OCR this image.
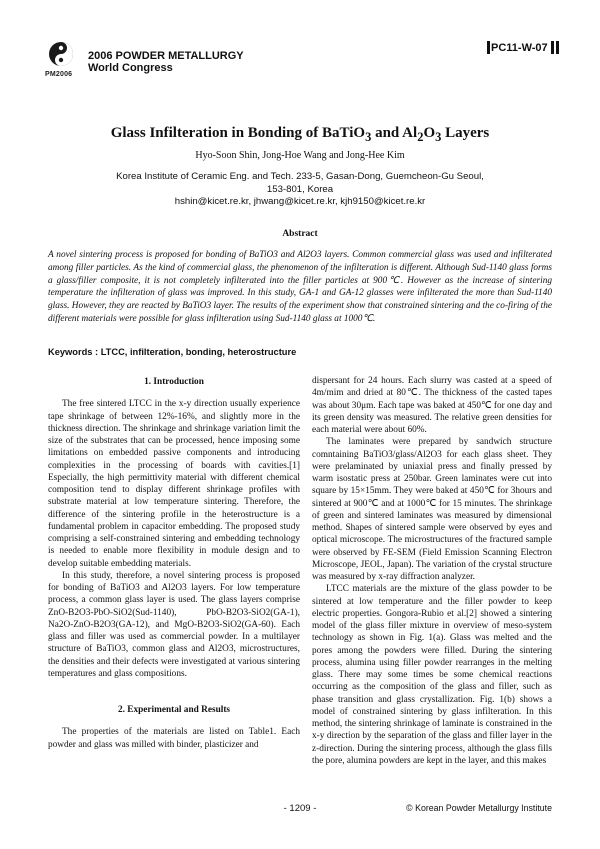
PM2006
2006 POWDER METALLURGY
World Congress
PC11-W-07
Glass Infilteration in Bonding of BaTiO$_3$ and $Al_2O_3$ Layers
Hyo-Soon Shin, Jong-Hoe Wang and Jong-Hee Kim
Korea Institute of Ceramic Eng. and Tech. 233-5, Gasan-Dong, Guemcheon-Gu Seoul,
153-801, Korea
hshin@kicet.re.kr, jhwang@kicet.re.kr, kjh9150@kicet.re.kr
Abstract
A novel sintering process is proposed for bonding of BaTiO3 and Al2O3 layers. Common commercial glass was used and infilterated among filler particles. As the kind of commercial glass, the phenomenon of the infilteration is different. Although Sud-1140 glass forms a glass/filler composite, it is not completely infilterated into the filler particles at 900℃. However as the increase of sintering temperature the infilteration of glass was improved. In this study, GA-1 and GA-12 glasses were infilterated the more than Sud-1140 glass. However, they are reacted by BaTiO3 layer. The results of the experiment show that constrained sintering and the co-firing of the different materials were possible for glass infilteration using Sud-1140 glass at 1000℃.
Keywords : LTCC, infilteration, bonding, heterostructure
1. Introduction

The free sintered LTCC in the x-y direction usually experience tape shrinkage of between 12%-16%, and slightly more in the thickness direction. The shrinkage and shrinkage variation limit the size of the substrates that can be processed, hence imposing some limitations on embedded passive components and introducing complexities in the processing of boards with cavities.[1] Especially, the high permittivity material with different chemical composition tend to display different shrinkage profiles with substrate material at low temperature sintering. Therefore, the difference of the sintering profile in the heterostructure is a fundamental problem in capacitor embedding. The proposed study comprising a self-constrained sintering and embedding technology is needed to enable more flexibility in module design and to develop suitable embedding materials.

In this study, therefore, a novel sintering process is proposed for bonding of BaTiO3 and Al2O3 layers. For low temperature process, a common glass layer is used. The glass layers comprise ZnO-B2O3-PbO-SiO2(Sud-1140), PbO-B2O3-SiO2(GA-1), Na2O-ZnO-B2O3(GA-12), and MgO-B2O3-SiO2(GA-60). Each glass and filler was used as commercial powder. In a multilayer structure of BaTiO3, common glass and Al2O3, microstructures, the densities and their defects were investigated at various sintering temperatures and glass compositions.

2. Experimental and Results

The properties of the materials are listed on Table1. Each powder and glass was milled with binder, plasticizer and

dispersant for 24 hours. Each slurry was casted at a speed of 4m/mim and dried at 80℃. The thickness of the casted tapes was about 30μm. Each tape was baked at 450℃ for one day and its green density was measured. The relative green densities for each material were about 60%.

The laminates were prepared by sandwich structure comntaining BaTiO3/glass/Al2O3 for each glass sheet. They were prelaminated by uniaxial press and finally pressed by warm isostatic press at 250bar. Green laminates were cut into square by 15×15mm. They were baked at 450℃ for 3hours and sintered at 900℃ and at 1000℃ for 15 minutes. The shrinkage of green and sintered laminates was measured by dimensional method. Shapes of sintered sample were observed by eyes and optical microscope. The microstructures of the fractured sample were observed by FE-SEM (Field Emission Scanning Electron Microscope, JEOL, Japan). The variation of the crystal structure was measured by x-ray diffraction analyzer.

LTCC materials are the mixture of the glass powder to be sintered at low temperature and the filler powder to keep electric properties. Gongora-Rubio et al.[2] showed a sintering model of the glass filler mixture in overview of meso-system technology as shown in Fig. 1(a). Glass was melted and the pores among the powders were filled. During the sintering process, alumina using filler powder rearranges in the melting glass. There may some times be some chemical reactions occurring as the composition of the glass and filler, such as phase transition and glass crystallization. Fig. 1(b) shows a model of constrained sintering by glass infilteration. In this method, the sintering shrinkage of laminate is constrained in the x-y direction by the separation of the glass and filler layer in the z-direction. During the sintering process, although the glass fills the pore, alumina powders are kept in the layer, and this makes

- 1209 -	© Korean Powder Metallurgy Institute
